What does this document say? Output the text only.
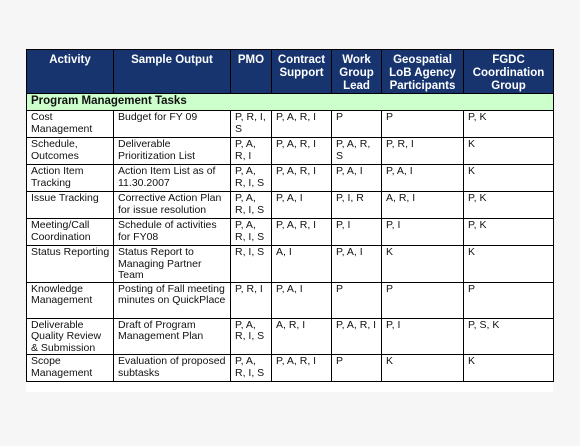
Activity	Sample Output	PMO	Contract Support	Work Group Lead	Geospatial LoB Agency Participants	FGDC Coordination Group
Program Management Tasks						
Cost Management	Budget for FY 09	P, R, I, S	P, A, R, I	P	P	P, K
Schedule, Outcomes	Deliverable Prioritization List	P, A, R, I	P, A, R, I	P, A, R, S	P, R, I	K
Action Item Tracking	Action Item List as of 11.30.2007	P, A, R, I, S	P, A, R, I	P, A, I	P, A, I	K
Issue Tracking	Corrective Action Plan for issue resolution	P, A, R, I, S	P, A, I	P, I, R	A, R, I	P, K
Meeting/Call Coordination	Schedule of activities for FY08	P, A, R, I, S	P, A, R, I	P, I	P, I	P, K
Status Reporting	Status Report to Managing Partner Team	R, I, S	A, I	P, A, I	K	K
Knowledge Management	Posting of Fall meeting minutes on QuickPlace	P, R, I	P, A, I	P	P	P
Deliverable Quality Review & Submission	Draft of Program Management Plan	P, A, R, I, S	A, R, I	P, A, R, I	P, I	P, S, K
Scope Management	Evaluation of proposed subtasks	P, A, R, I, S	P, A, R, I	P	K	K
